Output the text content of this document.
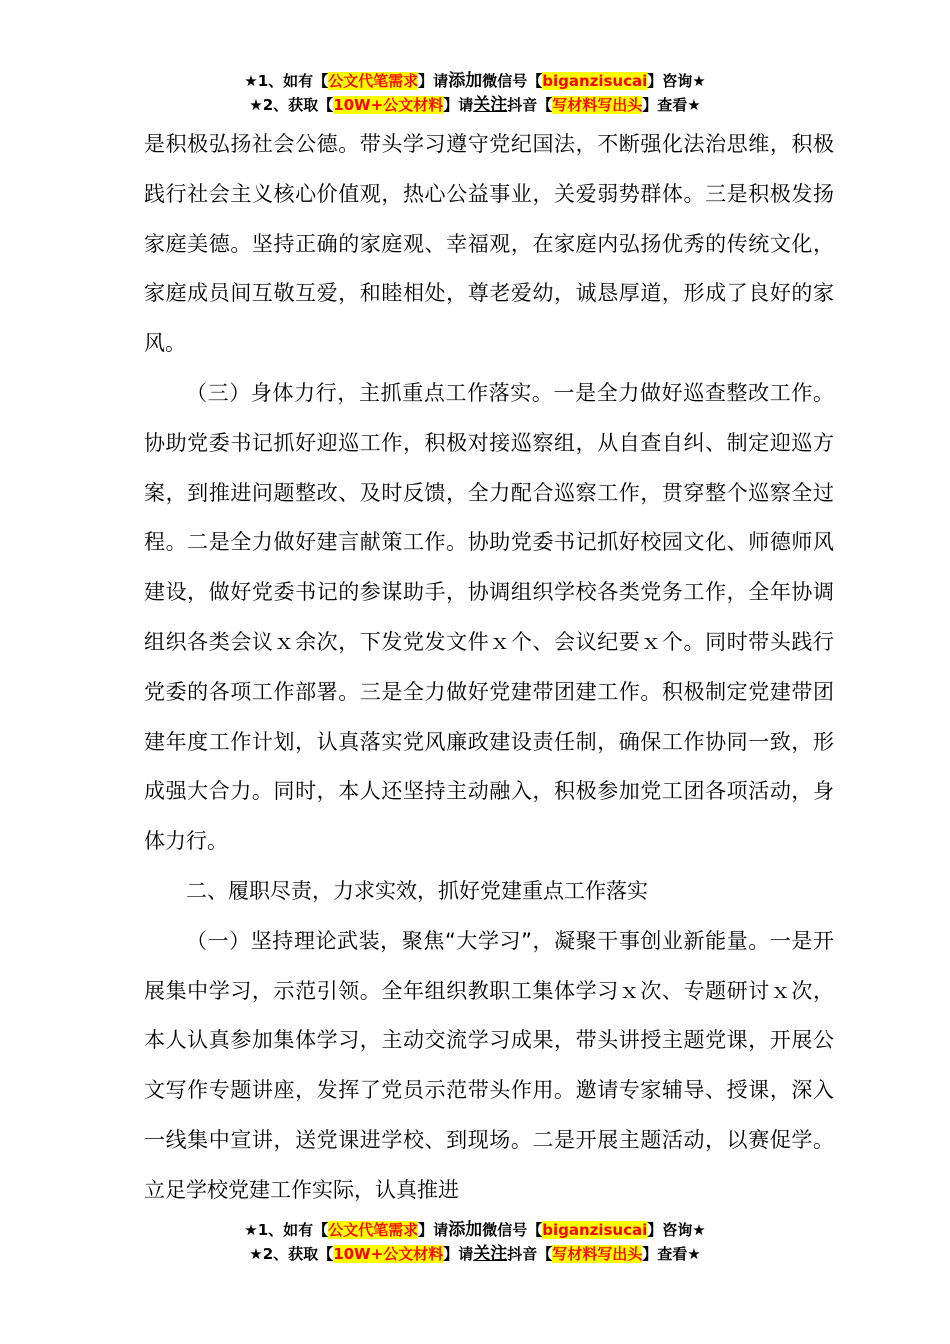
★1、如有【公文代笔需求】请添加微信号【biganzisucai】咨询★
★2、获取【10W+公文材料】请关注抖音【写材料写出头】查看★

是积极弘扬社会公德。带头学习遵守党纪国法，不断强化法治思维，积极践行社会主义核心价值观，热心公益事业，关爱弱势群体。三是积极发扬家庭美德。坚持正确的家庭观、幸福观，在家庭内弘扬优秀的传统文化，家庭成员间互敬互爱，和睦相处，尊老爱幼，诚恳厚道，形成了良好的家风。

（三）身体力行，主抓重点工作落实。一是全力做好巡查整改工作。协助党委书记抓好迎巡工作，积极对接巡察组，从自查自纠、制定迎巡方案，到推进问题整改、及时反馈，全力配合巡察工作，贯穿整个巡察全过程。二是全力做好建言献策工作。协助党委书记抓好校园文化、师德师风建设，做好党委书记的参谋助手，协调组织学校各类党务工作，全年协调组织各类会议ｘ余次，下发党发文件ｘ个、会议纪要ｘ个。同时带头践行党委的各项工作部署。三是全力做好党建带团建工作。积极制定党建带团建年度工作计划，认真落实党风廉政建设责任制，确保工作协同一致，形成强大合力。同时，本人还坚持主动融入，积极参加党工团各项活动，身体力行。

二、履职尽责，力求实效，抓好党建重点工作落实

（一）坚持理论武装，聚焦“大学习”，凝聚干事创业新能量。一是开展集中学习，示范引领。全年组织教职工集体学习ｘ次、专题研讨ｘ次，本人认真参加集体学习，主动交流学习成果，带头讲授主题党课，开展公文写作专题讲座，发挥了党员示范带头作用。邀请专家辅导、授课，深入一线集中宣讲，送党课进学校、到现场。二是开展主题活动，以赛促学。立足学校党建工作实际，认真推进

★1、如有【公文代笔需求】请添加微信号【biganzisucai】咨询★
★2、获取【10W+公文材料】请关注抖音【写材料写出头】查看★
